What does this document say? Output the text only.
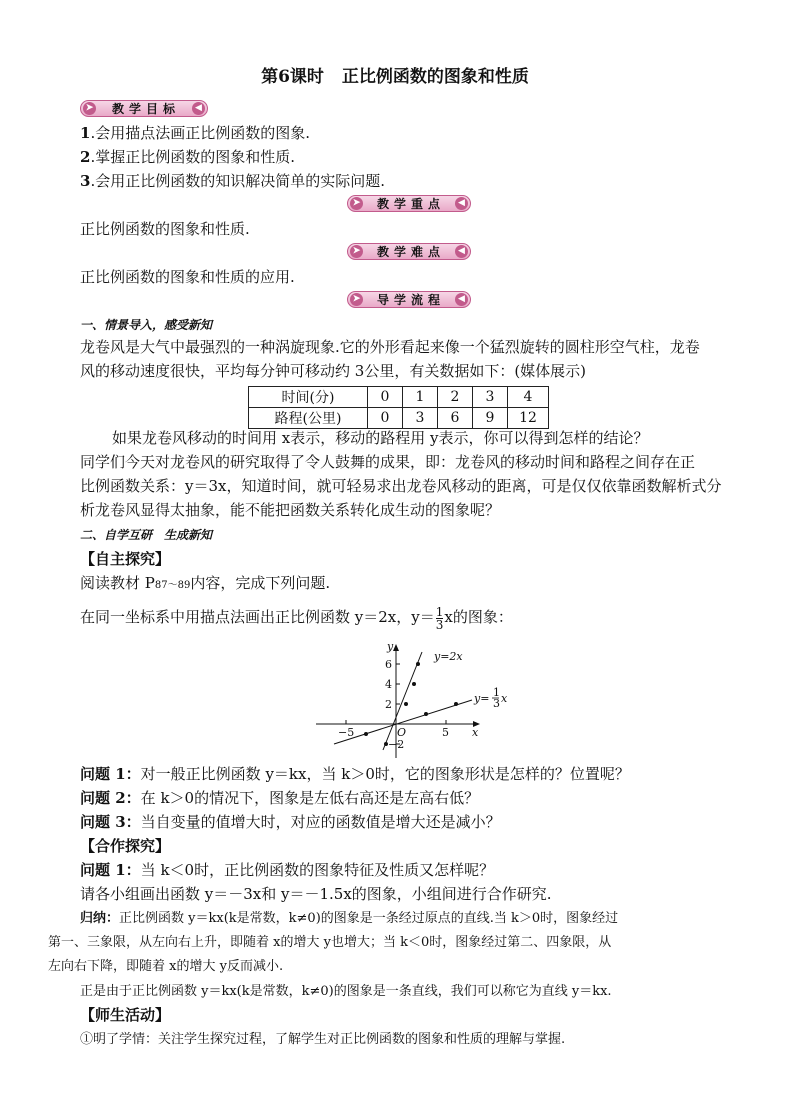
第6课时 正比例函数的图象和性质
➤ 教学目标	◀
1.会用描点法画正比例函数的图象.
2.掌握正比例函数的图象和性质.
3.会用正比例函数的知识解决简单的实际问题.
➤ 教学重点	◀
正比例函数的图象和性质.
➤ 教学难点	◀
正比例函数的图象和性质的应用.
➤ 导学流程	◀
一、情景导入，感受新知
龙卷风是大气中最强烈的一种涡旋现象.它的外形看起来像一个猛烈旋转的圆柱形空气柱，龙卷
风的移动速度很快，平均每分钟可移动约 3公里，有关数据如下：(媒体展示)
时间(分)	0	1	2	3	4
路程(公里)	0	3	6	9	12
如果龙卷风移动的时间用 x表示，移动的路程用 y表示，你可以得到怎样的结论？
同学们今天对龙卷风的研究取得了令人鼓舞的成果，即：龙卷风的移动时间和路程之间存在正
比例函数关系：y＝3x，知道时间，就可轻易求出龙卷风移动的距离，可是仅仅依靠函数解析式分
析龙卷风显得太抽象，能不能把函数关系转化成生动的图象呢？
二、自学互研　生成新知
【自主探究】
阅读教材 P87～89内容，完成下列问题.
在同一坐标系中用描点法画出正比例函数 y＝2x，$y= \frac{1}{3}$ x的图象：
y=2x
y= 1
3 x
x
y
O
6
4
2
−2
−5	5
问题 1：对一般正比例函数 y＝kx，当 k＞0时，它的图象形状是怎样的？位置呢？
问题 2：在 k＞0的情况下，图象是左低右高还是左高右低？
问题 3：当自变量的值增大时，对应的函数值是增大还是减小？
【合作探究】
问题 1：当 k＜0时，正比例函数的图象特征及性质又怎样呢？
请各小组画出函数 y＝－3x和 y＝－1.5x的图象，小组间进行合作研究.
归纳：正比例函数 y＝kx(k是常数，k≠0)的图象是一条经过原点的直线.当 k＞0时，图象经过
第一、三象限，从左向右上升，即随着 x的增大 y也增大；当 k＜0时，图象经过第二、四象限，从
左向右下降，即随着 x的增大 y反而减小.
正是由于正比例函数 y＝kx(k是常数，k≠0)的图象是一条直线，我们可以称它为直线 y＝kx.
【师生活动】
①明了学情：关注学生探究过程，了解学生对正比例函数的图象和性质的理解与掌握.
